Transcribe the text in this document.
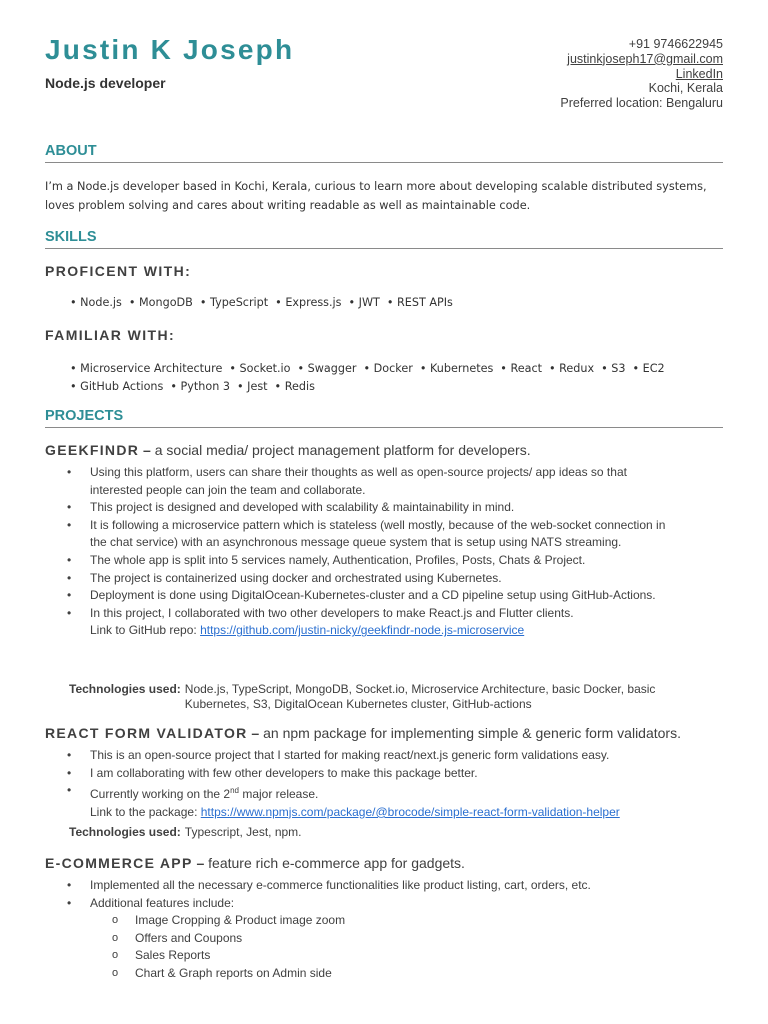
Justin K Joseph

Node.js developer

+91 9746622945
justinkjoseph17@gmail.com
LinkedIn
Kochi, Kerala
Preferred location: Bengaluru
ABOUT
I’m a Node.js developer based in Kochi, Kerala, curious to learn more about developing scalable distributed systems, loves problem solving and cares about writing readable as well as maintainable code.
SKILLS
PROFICENT WITH:
• Node.js • MongoDB • TypeScript • Express.js • JWT • REST APIs
FAMILIAR WITH:
• Microservice Architecture • Socket.io • Swagger • Docker • Kubernetes • React • Redux • S3 • EC2
• GitHub Actions • Python 3 • Jest • Redis
PROJECTS
GEEKFINDR – a social media/ project management platform for developers.
• Using this platform, users can share their thoughts as well as open-source projects/ app ideas so that interested people can join the team and collaborate.
• This project is designed and developed with scalability & maintainability in mind.
• It is following a microservice pattern which is stateless (well mostly, because of the web-socket connection in the chat service) with an asynchronous message queue system that is setup using NATS streaming.
• The whole app is split into 5 services namely, Authentication, Profiles, Posts, Chats & Project.
• The project is containerized using docker and orchestrated using Kubernetes.
• Deployment is done using DigitalOcean-Kubernetes-cluster and a CD pipeline setup using GitHub-Actions.
• In this project, I collaborated with two other developers to make React.js and Flutter clients.
Link to GitHub repo: https://github.com/justin-nicky/geekfindr-node.js-microservice
Technologies used: Node.js, TypeScript, MongoDB, Socket.io, Microservice Architecture, basic Docker, basic Kubernetes, S3, DigitalOcean Kubernetes cluster, GitHub-actions
REACT FORM VALIDATOR – an npm package for implementing simple & generic form validators.
• This is an open-source project that I started for making react/next.js generic form validations easy.
• I am collaborating with few other developers to make this package better.
• Currently working on the 2nd major release.
Link to the package: https://www.npmjs.com/package/@brocode/simple-react-form-validation-helper
Technologies used: Typescript, Jest, npm.
E-COMMERCE APP – feature rich e-commerce app for gadgets.
• Implemented all the necessary e-commerce functionalities like product listing, cart, orders, etc.
• Additional features include:
o Image Cropping & Product image zoom
o Offers and Coupons
o Sales Reports
o Chart & Graph reports on Admin side
